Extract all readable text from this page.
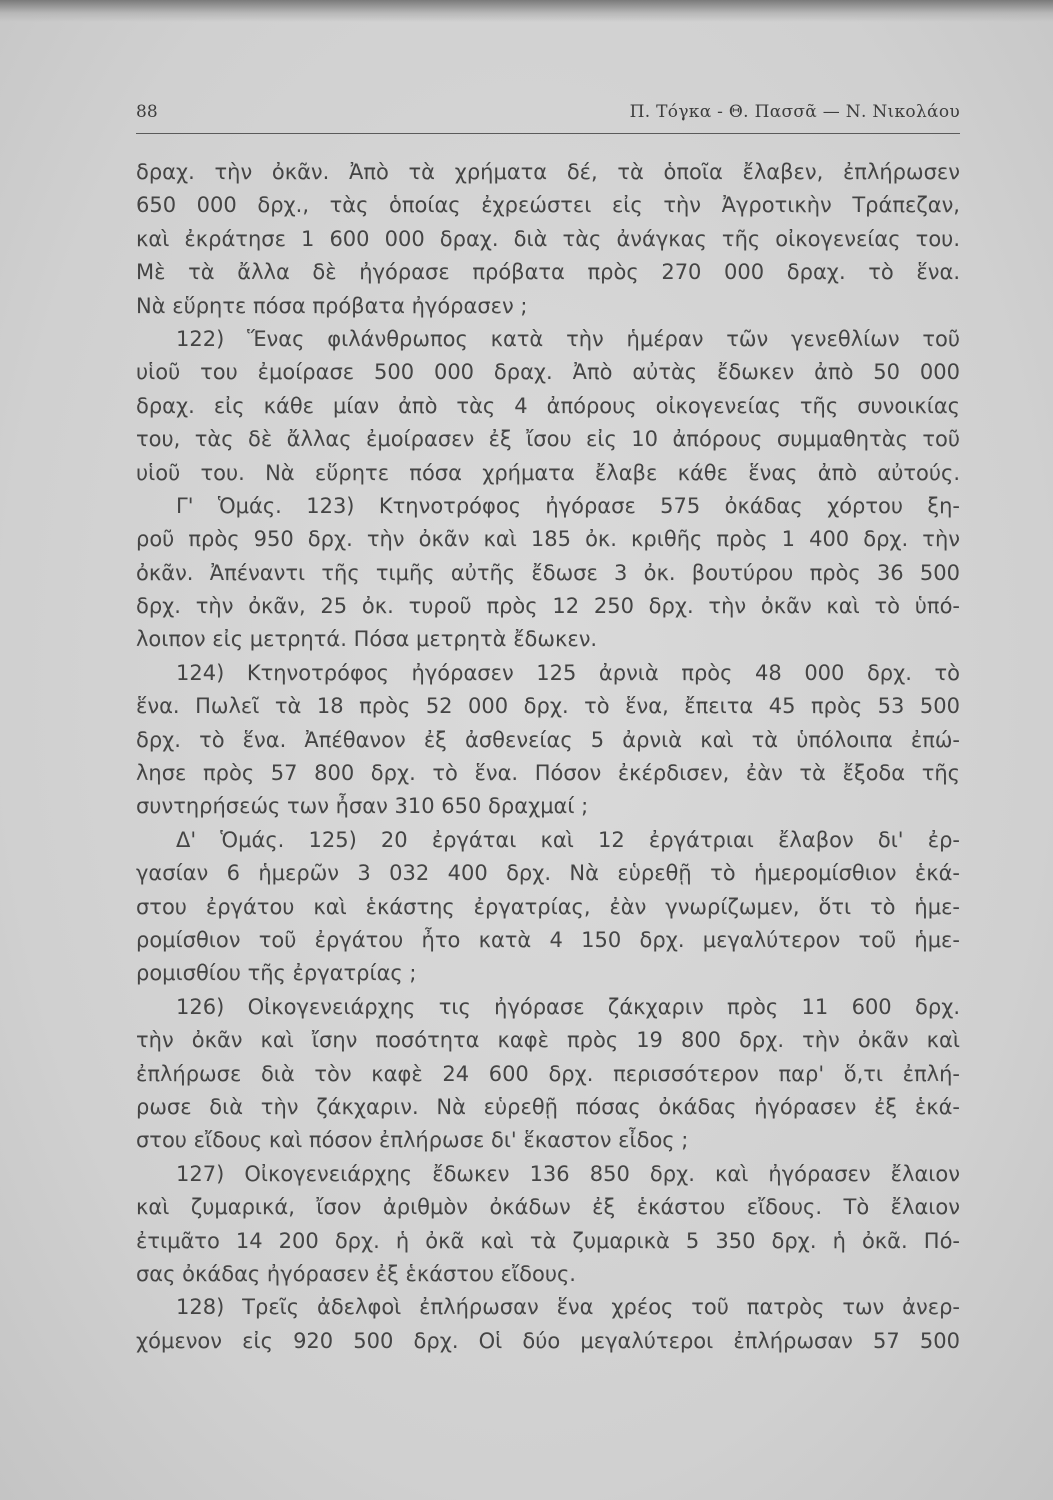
88	Π. Τόγκα - Θ. Πασσᾶ — Ν. Νικολάου
δραχ. τὴν ὀκᾶν. Ἀπὸ τὰ χρήματα δέ, τὰ ὁποῖα ἔλαβεν, ἐπλήρωσεν
650 000 δρχ., τὰς ὁποίας ἐχρεώστει εἰς τὴν Ἀγροτικὴν Τράπεζαν,
καὶ ἐκράτησε 1 600 000 δραχ. διὰ τὰς ἀνάγκας τῆς οἰκογενείας του.
Μὲ τὰ ἄλλα δὲ ἠγόρασε πρόβατα πρὸς 270 000 δραχ. τὸ ἕνα.
Νὰ εὕρητε πόσα πρόβατα ἠγόρασεν ;
122) Ἕνας φιλάνθρωπος κατὰ τὴν ἡμέραν τῶν γενεθλίων τοῦ
υἱοῦ του ἐμοίρασε 500 000 δραχ. Ἀπὸ αὐτὰς ἔδωκεν ἀπὸ 50 000
δραχ. εἰς κάθε μίαν ἀπὸ τὰς 4 ἀπόρους οἰκογενείας τῆς συνοικίας
του, τὰς δὲ ἄλλας ἐμοίρασεν ἐξ ἴσου εἰς 10 ἀπόρους συμμαθητὰς τοῦ
υἱοῦ του. Νὰ εὕρητε πόσα χρήματα ἔλαβε κάθε ἕνας ἀπὸ αὐτούς.
Γ' Ὁμάς. 123) Κτηνοτρόφος ἠγόρασε 575 ὀκάδας χόρτου ξη-
ροῦ πρὸς 950 δρχ. τὴν ὀκᾶν καὶ 185 ὀκ. κριθῆς πρὸς 1 400 δρχ. τὴν
ὀκᾶν. Ἀπέναντι τῆς τιμῆς αὐτῆς ἔδωσε 3 ὀκ. βουτύρου πρὸς 36 500
δρχ. τὴν ὀκᾶν, 25 ὀκ. τυροῦ πρὸς 12 250 δρχ. τὴν ὀκᾶν καὶ τὸ ὑπό-
λοιπον εἰς μετρητά. Πόσα μετρητὰ ἔδωκεν.
124) Κτηνοτρόφος ἠγόρασεν 125 ἀρνιὰ πρὸς 48 000 δρχ. τὸ
ἕνα. Πωλεῖ τὰ 18 πρὸς 52 000 δρχ. τὸ ἕνα, ἔπειτα 45 πρὸς 53 500
δρχ. τὸ ἕνα. Ἀπέθανον ἐξ ἀσθενείας 5 ἀρνιὰ καὶ τὰ ὑπόλοιπα ἐπώ-
λησε πρὸς 57 800 δρχ. τὸ ἕνα. Πόσον ἐκέρδισεν, ἐὰν τὰ ἔξοδα τῆς
συντηρήσεώς των ἦσαν 310 650 δραχμαί ;
Δ' Ὁμάς. 125) 20 ἐργάται καὶ 12 ἐργάτριαι ἔλαβον δι' ἐρ-
γασίαν 6 ἡμερῶν 3 032 400 δρχ. Νὰ εὑρεθῇ τὸ ἡμερομίσθιον ἑκά-
στου ἐργάτου καὶ ἑκάστης ἐργατρίας, ἐὰν γνωρίζωμεν, ὅτι τὸ ἡμε-
ρομίσθιον τοῦ ἐργάτου ἦτο κατὰ 4 150 δρχ. μεγαλύτερον τοῦ ἡμε-
ρομισθίου τῆς ἐργατρίας ;
126) Οἰκογενειάρχης τις ἠγόρασε ζάκχαριν πρὸς 11 600 δρχ.
τὴν ὀκᾶν καὶ ἴσην ποσότητα καφὲ πρὸς 19 800 δρχ. τὴν ὀκᾶν καὶ
ἐπλήρωσε διὰ τὸν καφὲ 24 600 δρχ. περισσότερον παρ' ὅ,τι ἐπλή-
ρωσε διὰ τὴν ζάκχαριν. Νὰ εὑρεθῇ πόσας ὀκάδας ἠγόρασεν ἐξ ἑκά-
στου εἴδους καὶ πόσον ἐπλήρωσε δι' ἕκαστον εἶδος ;
127) Οἰκογενειάρχης ἔδωκεν 136 850 δρχ. καὶ ἠγόρασεν ἔλαιον
καὶ ζυμαρικά, ἴσον ἀριθμὸν ὀκάδων ἐξ ἑκάστου εἴδους. Τὸ ἔλαιον
ἐτιμᾶτο 14 200 δρχ. ἡ ὀκᾶ καὶ τὰ ζυμαρικὰ 5 350 δρχ. ἡ ὀκᾶ. Πό-
σας ὀκάδας ἠγόρασεν ἐξ ἑκάστου εἴδους.
128) Τρεῖς ἀδελφοὶ ἐπλήρωσαν ἕνα χρέος τοῦ πατρὸς των ἀνερ-
χόμενον εἰς 920 500 δρχ. Οἱ δύο μεγαλύτεροι ἐπλήρωσαν 57 500
